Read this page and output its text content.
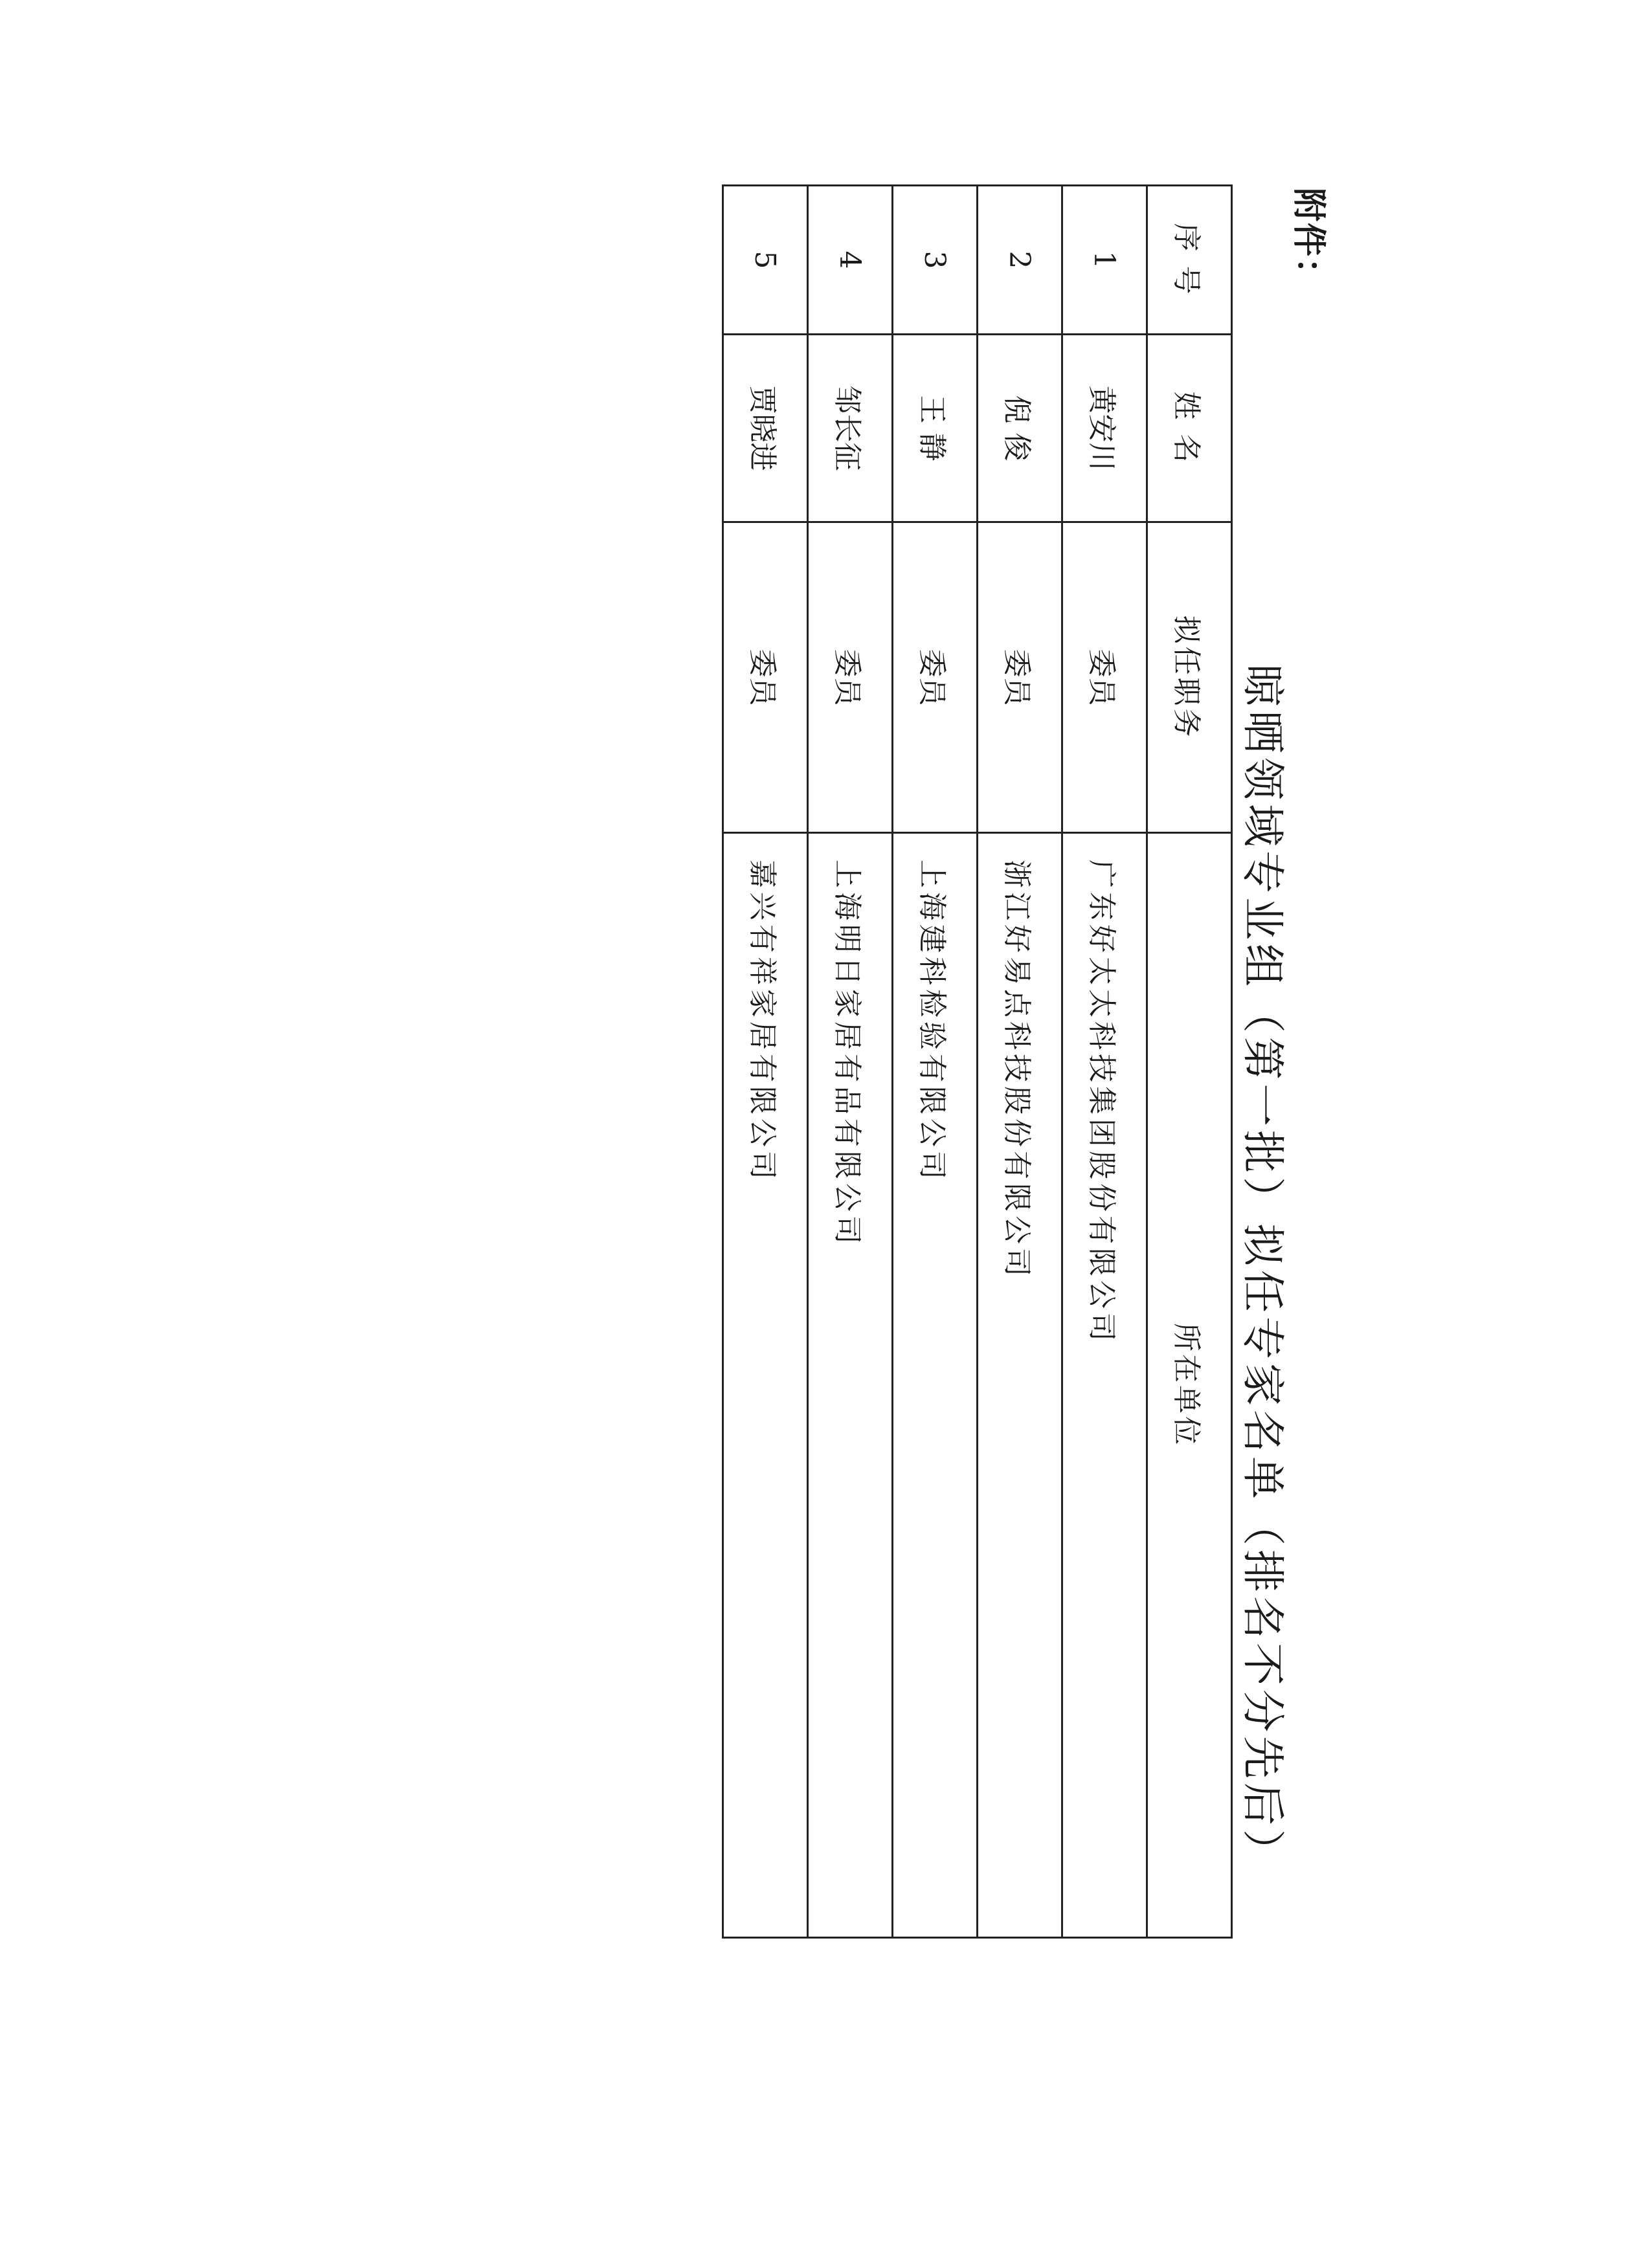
附件：
晾晒领域专业组（第一批）拟任专家名单（排名不分先后）
序 号	姓 名	拟任职务	所在单位
1	黄安川	委员	广东好太太科技集团股份有限公司
2	倪 俊	委员	浙江好易点科技股份有限公司
3	王 静	委员	上海建科检验有限公司
4	邹长征	委员	上海明日家居有品有限公司
5	贾晓进	委员	嘉兴有祥家居有限公司
